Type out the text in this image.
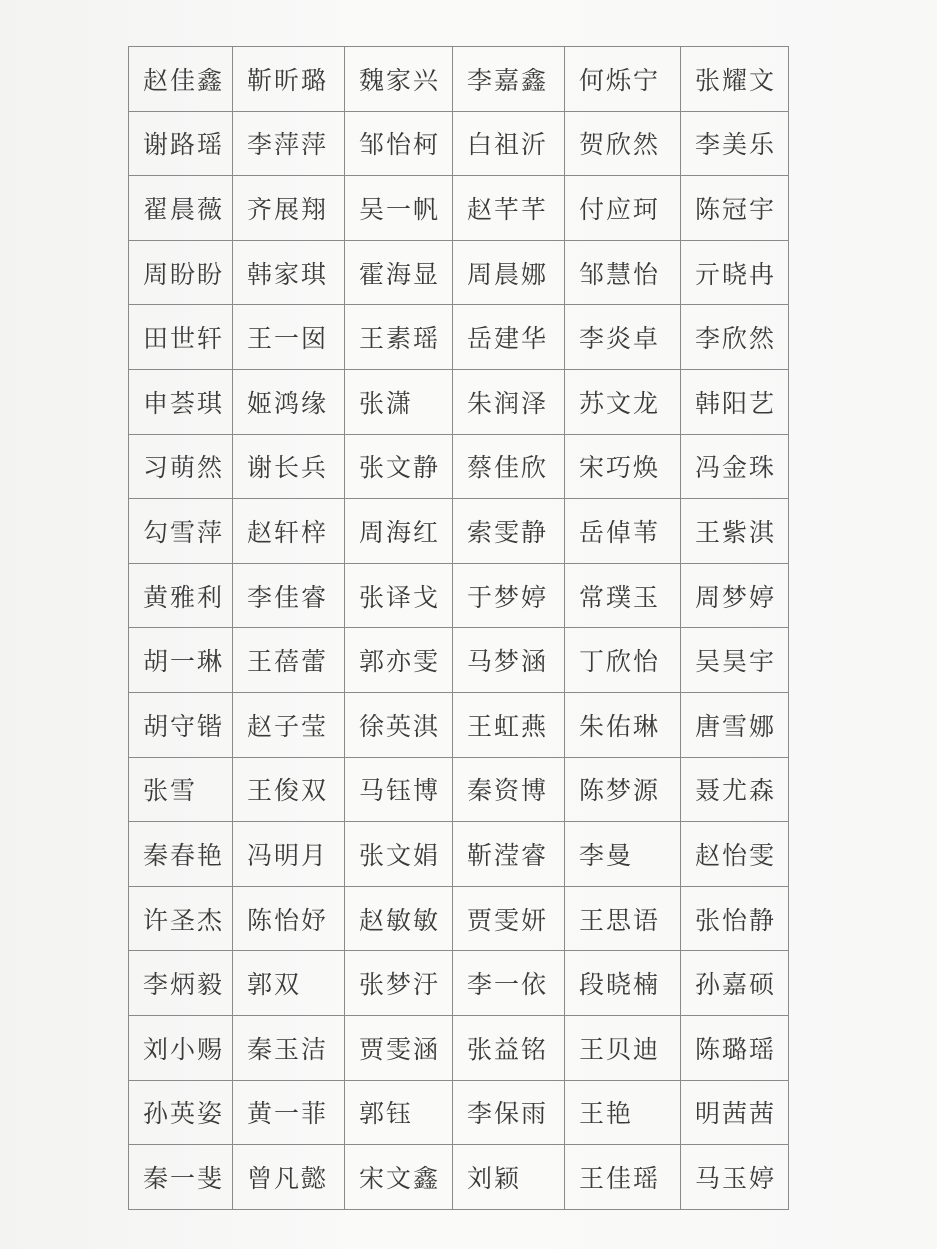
赵佳鑫	靳昕璐	魏家兴	李嘉鑫	何烁宁	张耀文
谢路瑶	李萍萍	邹怡柯	白祖沂	贺欣然	李美乐
翟晨薇	齐展翔	吴一帆	赵芊芊	付应珂	陈冠宇
周盼盼	韩家琪	霍海显	周晨娜	邹慧怡	亓晓冉
田世轩	王一囡	王素瑶	岳建华	李炎卓	李欣然
申荟琪	姬鸿缘	张潇	朱润泽	苏文龙	韩阳艺
习萌然	谢长兵	张文静	蔡佳欣	宋巧焕	冯金珠
勾雪萍	赵轩梓	周海红	索雯静	岳倬苇	王紫淇
黄雅利	李佳睿	张译戈	于梦婷	常璞玉	周梦婷
胡一琳	王蓓蕾	郭亦雯	马梦涵	丁欣怡	吴昊宇
胡守锴	赵子莹	徐英淇	王虹燕	朱佑琳	唐雪娜
张雪	王俊双	马钰博	秦资博	陈梦源	聂尤森
秦春艳	冯明月	张文娟	靳滢睿	李曼	赵怡雯
许圣杰	陈怡妤	赵敏敏	贾雯妍	王思语	张怡静
李炳毅	郭双	张梦汙	李一依	段晓楠	孙嘉硕
刘小赐	秦玉洁	贾雯涵	张益铭	王贝迪	陈璐瑶
孙英姿	黄一菲	郭钰	李保雨	王艳	明茜茜
秦一斐	曾凡懿	宋文鑫	刘颖	王佳瑶	马玉婷
